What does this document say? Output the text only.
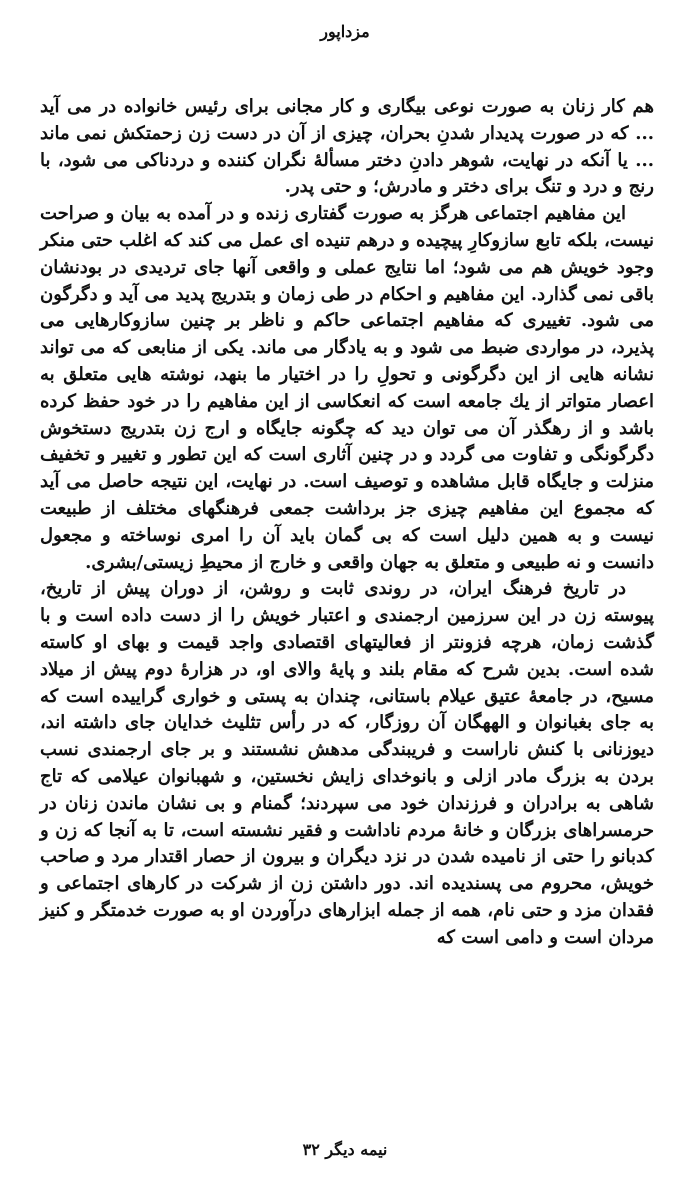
مزداپور

هم کار زنان به صورت نوعی بیگاری و کار مجانی برای رئیس خانواده در می آید ... که در صورت پدیدار شدنِ بحران، چیزی از آن در دست زن زحمتکش نمی ماند ... یا آنکه در نهایت، شوهر دادنِ دختر مسألهٔ نگران کننده و دردناکی می شود، با رنج و درد و تنگ برای دختر و مادرش؛ و حتی پدر.

این مفاهیم اجتماعی هرگز به صورت گفتاری زنده و در آمده به بیان و صراحت نیست، بلکه تابع سازوکارِ پیچیده و درهم تنیده ای عمل می کند که اغلب حتی منکر وجود خویش هم می شود؛ اما نتایج عملی و واقعی آنها جای تردیدی در بودنشان باقی نمی گذارد. این مفاهیم و احکام در طی زمان و بتدریج پدید می آید و دگرگون می شود. تغییری که مفاهیم اجتماعی حاکم و ناظر بر چنین سازوکارهایی می پذیرد، در مواردی ضبط می شود و به یادگار می ماند. یکی از منابعی که می تواند نشانه هایی از این دگرگونی و تحولِ را در اختیار ما بنهد، نوشته هایی متعلق به اعصار متواتر از یك جامعه است که انعکاسی از این مفاهیم را در خود حفظ کرده باشد و از رهگذر آن می توان دید که چگونه جایگاه و ارج زن بتدریج دستخوش دگرگونگی و تفاوت می گردد و در چنین آثاری است که این تطور و تغییر و تخفیف منزلت و جایگاه قابل مشاهده و توصیف است. در نهایت، این نتیجه حاصل می آید که مجموع این مفاهیم چیزی جز برداشت جمعی فرهنگهای مختلف از طبیعت نیست و به همین دلیل است که بی گمان باید آن را امری نوساخته و مجعول دانست و نه طبیعی و متعلق به جهان واقعی و خارج از محیطِ زیستی/بشری.

در تاریخ فرهنگ ایران، در روندی ثابت و روشن، از دوران پیش از تاریخ، پیوسته زن در این سرزمین ارجمندی و اعتبار خویش را از دست داده است و با گذشت زمان، هرچه فزونتر از فعالیتهای اقتصادی واجد قیمت و بهای او کاسته شده است. بدین شرح که مقام بلند و پایهٔ والای او، در هزارهٔ دوم پیش از میلاد مسیح، در جامعهٔ عتیق عیلام باستانی، چندان به پستی و خواری گراییده است که به جای بغبانوان و الههگان آن روزگار، که در رأس تثلیث خدایان جای داشته اند، دیوزنانی با کنش ناراست و فریبندگی مدهش نشستند و بر جای ارجمندی نسب بردن به بزرگ مادر ازلی و بانوخدای زایش نخستین، و شهبانوان عیلامی که تاج شاهی به برادران و فرزندان خود می سپردند؛ گمنام و بی نشان ماندن زنان در حرمسراهای بزرگان و خانهٔ مردم ناداشت و فقیر نشسته است، تا به آنجا که زن و کدبانو را حتی از نامیده شدن در نزد دیگران و بیرون از حصار اقتدار مرد و صاحب خویش، محروم می پسندیده اند. دور داشتن زن از شرکت در کارهای اجتماعی و فقدان مزد و حتی نام، همه از جمله ابزارهای درآوردن او به صورت خدمتگر و کنیز مردان است و دامی است که

نیمه دیگر ۳۲
